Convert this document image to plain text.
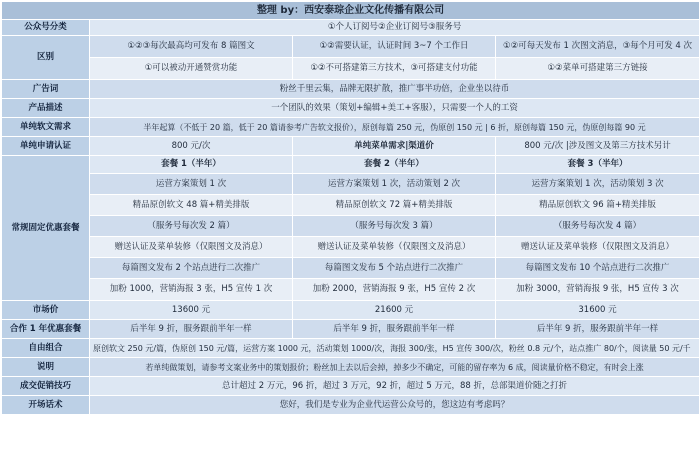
整理 by：西安泰琮企业文化传播有限公司			
公众号分类	①个人订阅号②企业订阅号③服务号		
区别	①②③每次最高均可发布 8 篇图文	①②需要认证，认证时间 3~7 个工作日	①②可每天发布 1 次图文消息，③每个月可发 4 次
	①可以被动开通赞赏功能	①②不可搭建第三方技术，③可搭建支付功能	①②菜单可搭建第三方链接
广告词	粉丝千里云集，品牌无限扩散，推广事半功倍，企业坐以待币		
产品描述	一个团队的效果（策划+编辑+美工+客服），只需要一个人的工资		
单纯软文需求	半年起算（不低于 20 篇，低于 20 篇请参考广告软文报价），原创每篇 250 元，伪原创 150 元 | 6 折，原创每篇 150 元，伪原创每篇 90 元		
单纯申请认证	800 元/次	单纯菜单需求|渠道价	800 元/次 |涉及图文及第三方技术另计
常规固定优惠套餐	套餐 1（半年）	套餐 2（半年）	套餐 3（半年）
	运营方案策划 1 次	运营方案策划 1 次，活动策划 2 次	运营方案策划 1 次，活动策划 3 次
	精品原创软文 48 篇+精美排版	精品原创软文 72 篇+精美排版	精品原创软文 96 篇+精美排版
	（服务号每次发 2 篇）	（服务号每次发 3 篇）	（服务号每次发 4 篇）
	赠送认证及菜单装修（仅限图文及消息）	赠送认证及菜单装修（仅限图文及消息）	赠送认证及菜单装修（仅限图文及消息）
	每篇图文发布 2 个站点进行二次推广	每篇图文发布 5 个站点进行二次推广	每篇图文发布 10 个站点进行二次推广
	加粉 1000，营销海报 3 张，H5 宣传 1 次	加粉 2000，营销海报 9 张，H5 宣传 2 次	加粉 3000，营销海报 9 张，H5 宣传 3 次
市场价	13600 元	21600 元	31600 元
合作 1 年优惠套餐	后半年 9 折，服务跟前半年一样	后半年 9 折，服务跟前半年一样	后半年 9 折，服务跟前半年一样
自由组合	原创软文 250 元/篇，伪原创 150 元/篇，运营方案 1000 元，活动策划 1000/次，海报 300/张，H5 宣传 300/次，粉丝 0.8 元/个，站点推广 80/个，阅读量 50 元/千		
说明	若单纯做策划，请参考文案业务中的策划报价；粉丝加上去以后会掉，掉多少不确定，可能的留存率为 6 成，阅读量价格不稳定，有时会上涨		
成交促销技巧	总计超过 2 万元，96 折，超过 3 万元，92 折，超过 5 万元，88 折，总部渠道价随之打折		
开场话术	您好，我们是专业为企业代运营公众号的，您这边有考虑吗？		
